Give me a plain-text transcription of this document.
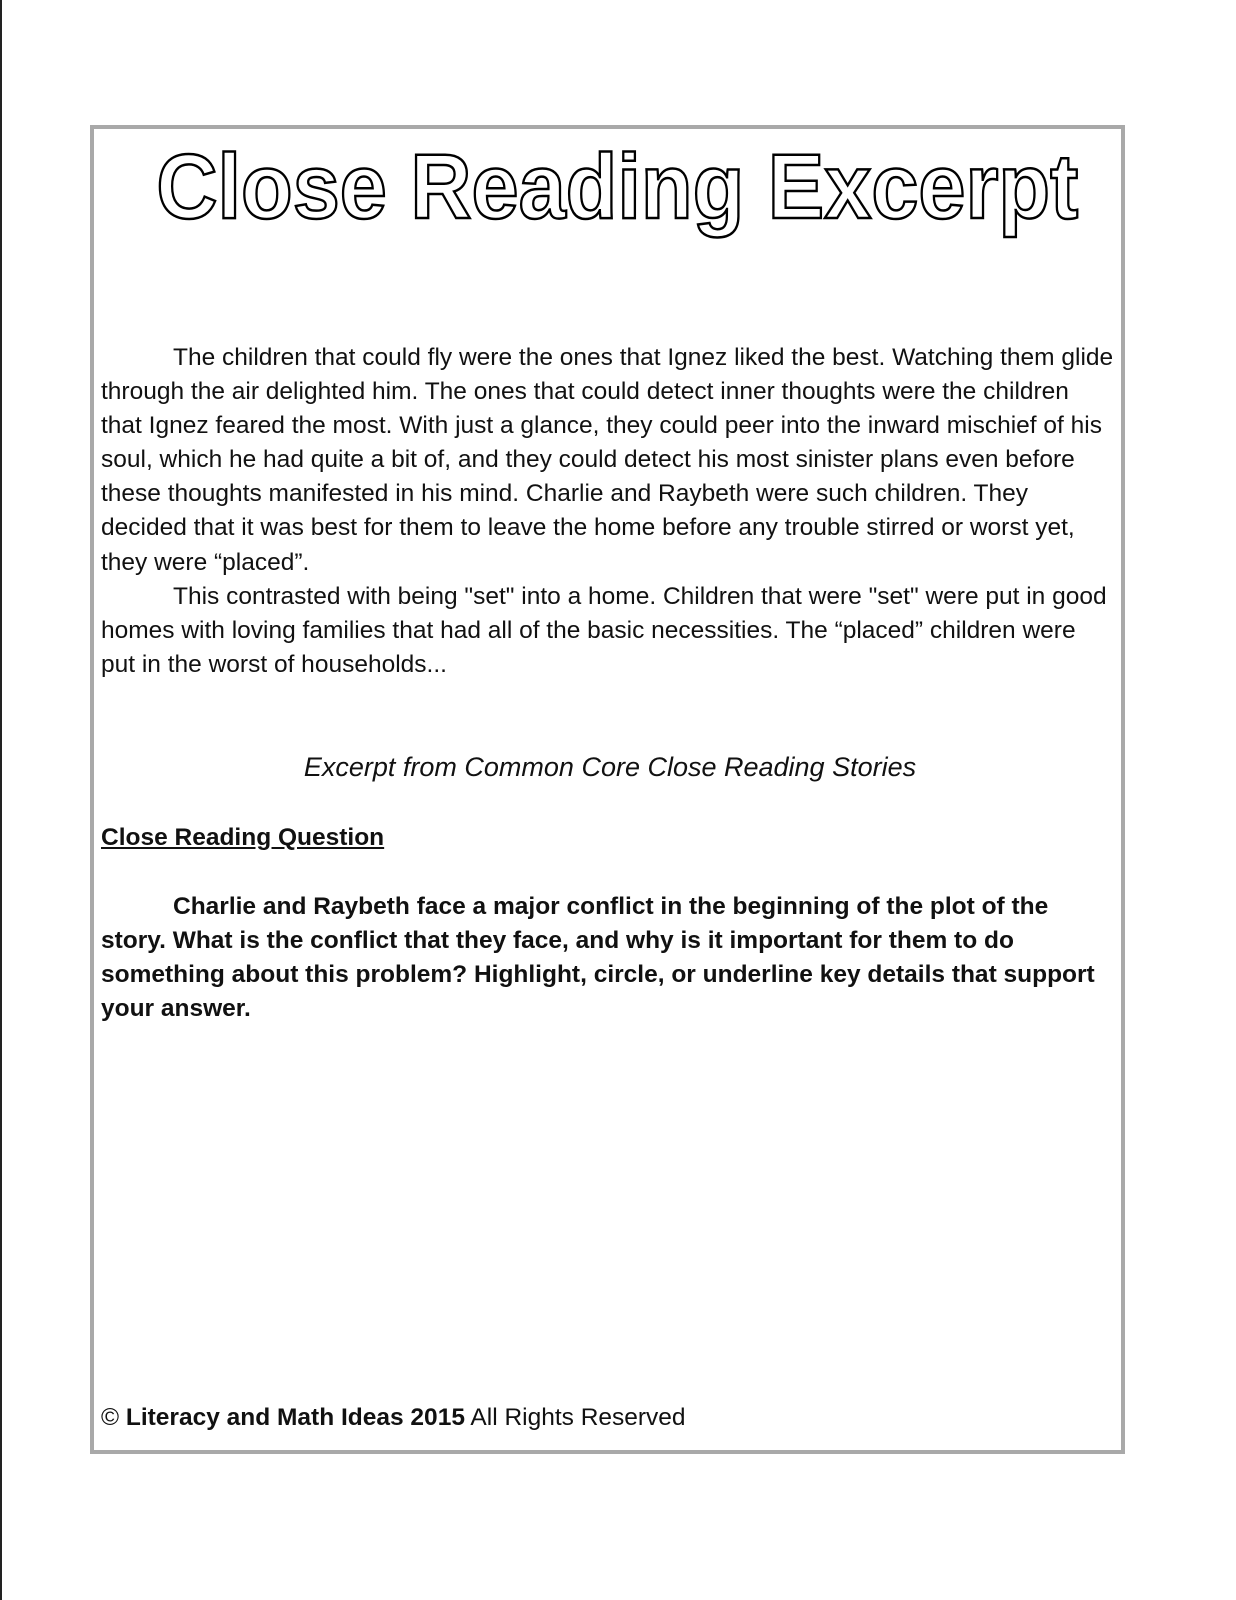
Close Reading Excerpt

The children that could fly were the ones that Ignez liked the best. Watching them glide through the air delighted him. The ones that could detect inner thoughts were the children that Ignez feared the most. With just a glance, they could peer into the inward mischief of his soul, which he had quite a bit of, and they could detect his most sinister plans even before these thoughts manifested in his mind. Charlie and Raybeth were such children. They decided that it was best for them to leave the home before any trouble stirred or worst yet, they were “placed”.

This contrasted with being "set" into a home. Children that were "set" were put in good homes with loving families that had all of the basic necessities. The “placed” children were put in the worst of households...

Excerpt from Common Core Close Reading Stories

Close Reading Question

Charlie and Raybeth face a major conflict in the beginning of the plot of the story. What is the conflict that they face, and why is it important for them to do something about this problem? Highlight, circle, or underline key details that support your answer.

© Literacy and Math Ideas 2015 All Rights Reserved
